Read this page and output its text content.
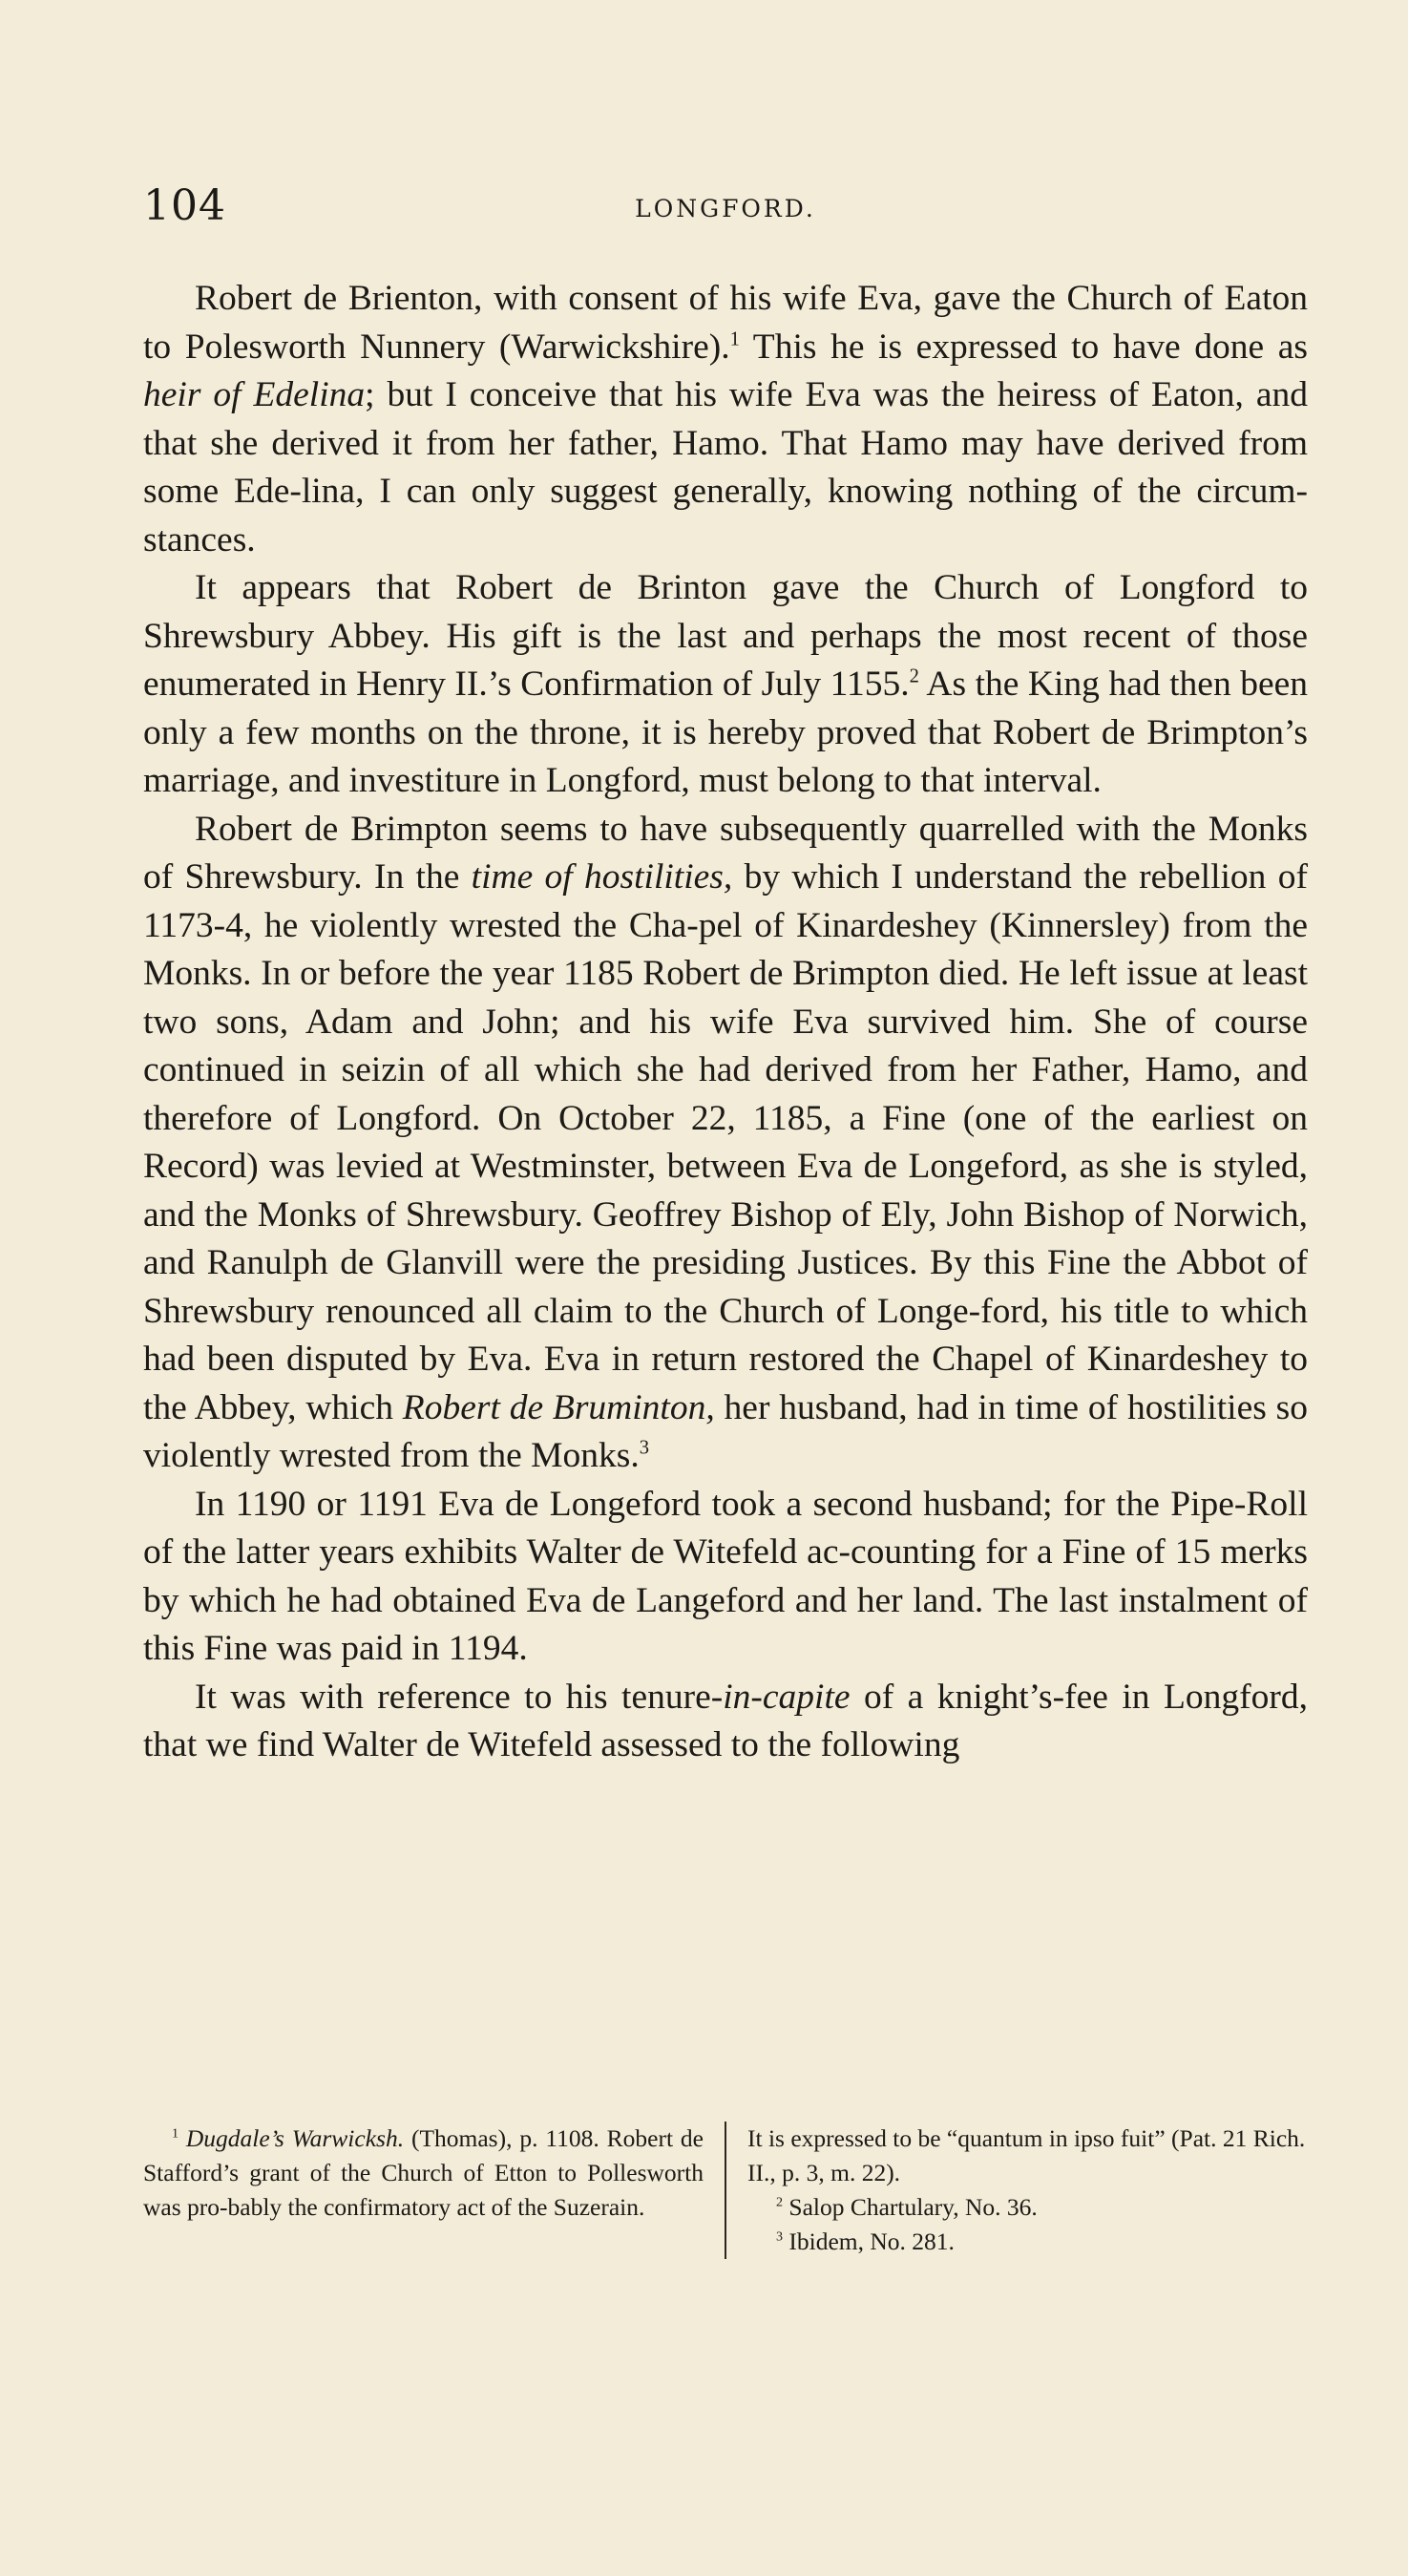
104	LONGFORD.

Robert de Brienton, with consent of his wife Eva, gave the Church of Eaton to Polesworth Nunnery (Warwickshire).$^1$ This he is expressed to have done as heir of Edelina; but I conceive that his wife Eva was the heiress of Eaton, and that she derived it from her father, Hamo. That Hamo may have derived from some Ede-lina, I can only suggest generally, knowing nothing of the circum-stances.

It appears that Robert de Brinton gave the Church of Longford to Shrewsbury Abbey. His gift is the last and perhaps the most recent of those enumerated in Henry II.’s Confirmation of July 1155.$^2$ As the King had then been only a few months on the throne, it is hereby proved that Robert de Brimpton’s marriage, and investiture in Longford, must belong to that interval.

Robert de Brimpton seems to have subsequently quarrelled with the Monks of Shrewsbury. In the time of hostilities, by which I understand the rebellion of 1173-4, he violently wrested the Cha-pel of Kinardeshey (Kinnersley) from the Monks. In or before the year 1185 Robert de Brimpton died. He left issue at least two sons, Adam and John; and his wife Eva survived him. She of course continued in seizin of all which she had derived from her Father, Hamo, and therefore of Longford. On October 22, 1185, a Fine (one of the earliest on Record) was levied at Westminster, between Eva de Longeford, as she is styled, and the Monks of Shrewsbury. Geoffrey Bishop of Ely, John Bishop of Norwich, and Ranulph de Glanvill were the presiding Justices. By this Fine the Abbot of Shrewsbury renounced all claim to the Church of Longe-ford, his title to which had been disputed by Eva. Eva in return restored the Chapel of Kinardeshey to the Abbey, which Robert de Bruminton, her husband, had in time of hostilities so violently wrested from the Monks.$^3$

In 1190 or 1191 Eva de Longeford took a second husband; for the Pipe-Roll of the latter years exhibits Walter de Witefeld ac-counting for a Fine of 15 merks by which he had obtained Eva de Langeford and her land. The last instalment of this Fine was paid in 1194.

It was with reference to his tenure-in-capite of a knight’s-fee in Longford, that we find Walter de Witefeld assessed to the following

$^1$ Dugdale’s Warwicksh. (Thomas), p. 1108. Robert de Stafford’s grant of the Church of Etton to Pollesworth was pro-bably the confirmatory act of the Suzerain.

It is expressed to be “quantum in ipso fuit” (Pat. 21 Rich. II., p. 3, m. 22).

$^2$ Salop Chartulary, No. 36.

$^3$ Ibidem, No. 281.
